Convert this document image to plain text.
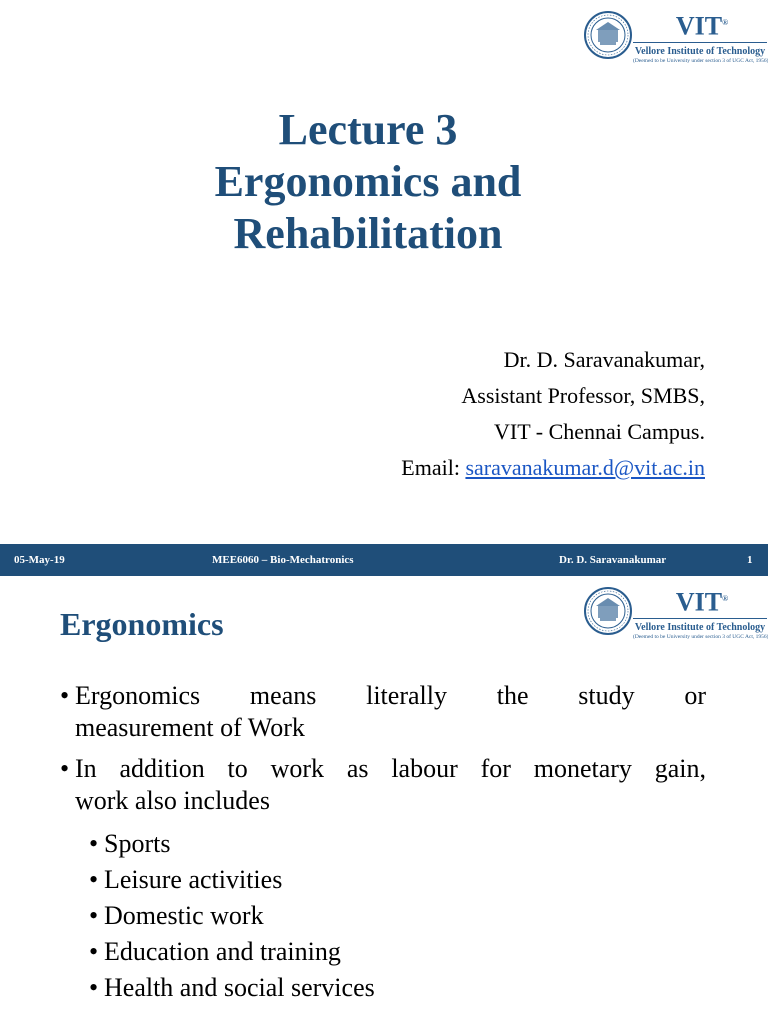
VIT®
Vellore Institute of Technology
(Deemed to be University under section 3 of UGC Act, 1956)
Lecture 3
Ergonomics and
Rehabilitation
Dr. D. Saravanakumar,
Assistant Professor, SMBS,
VIT - Chennai Campus.
Email: saravanakumar.d@vit.ac.in
05-May-19	MEE6060 – Bio-Mechatronics	Dr. D. Saravanakumar	1
VIT®
Vellore Institute of Technology
(Deemed to be University under section 3 of UGC Act, 1956)
Ergonomics
• Ergonomics means literally the study or
measurement of Work
• In addition to work as labour for monetary gain,
work also includes
• Sports
• Leisure activities
• Domestic work
• Education and training
• Health and social services
